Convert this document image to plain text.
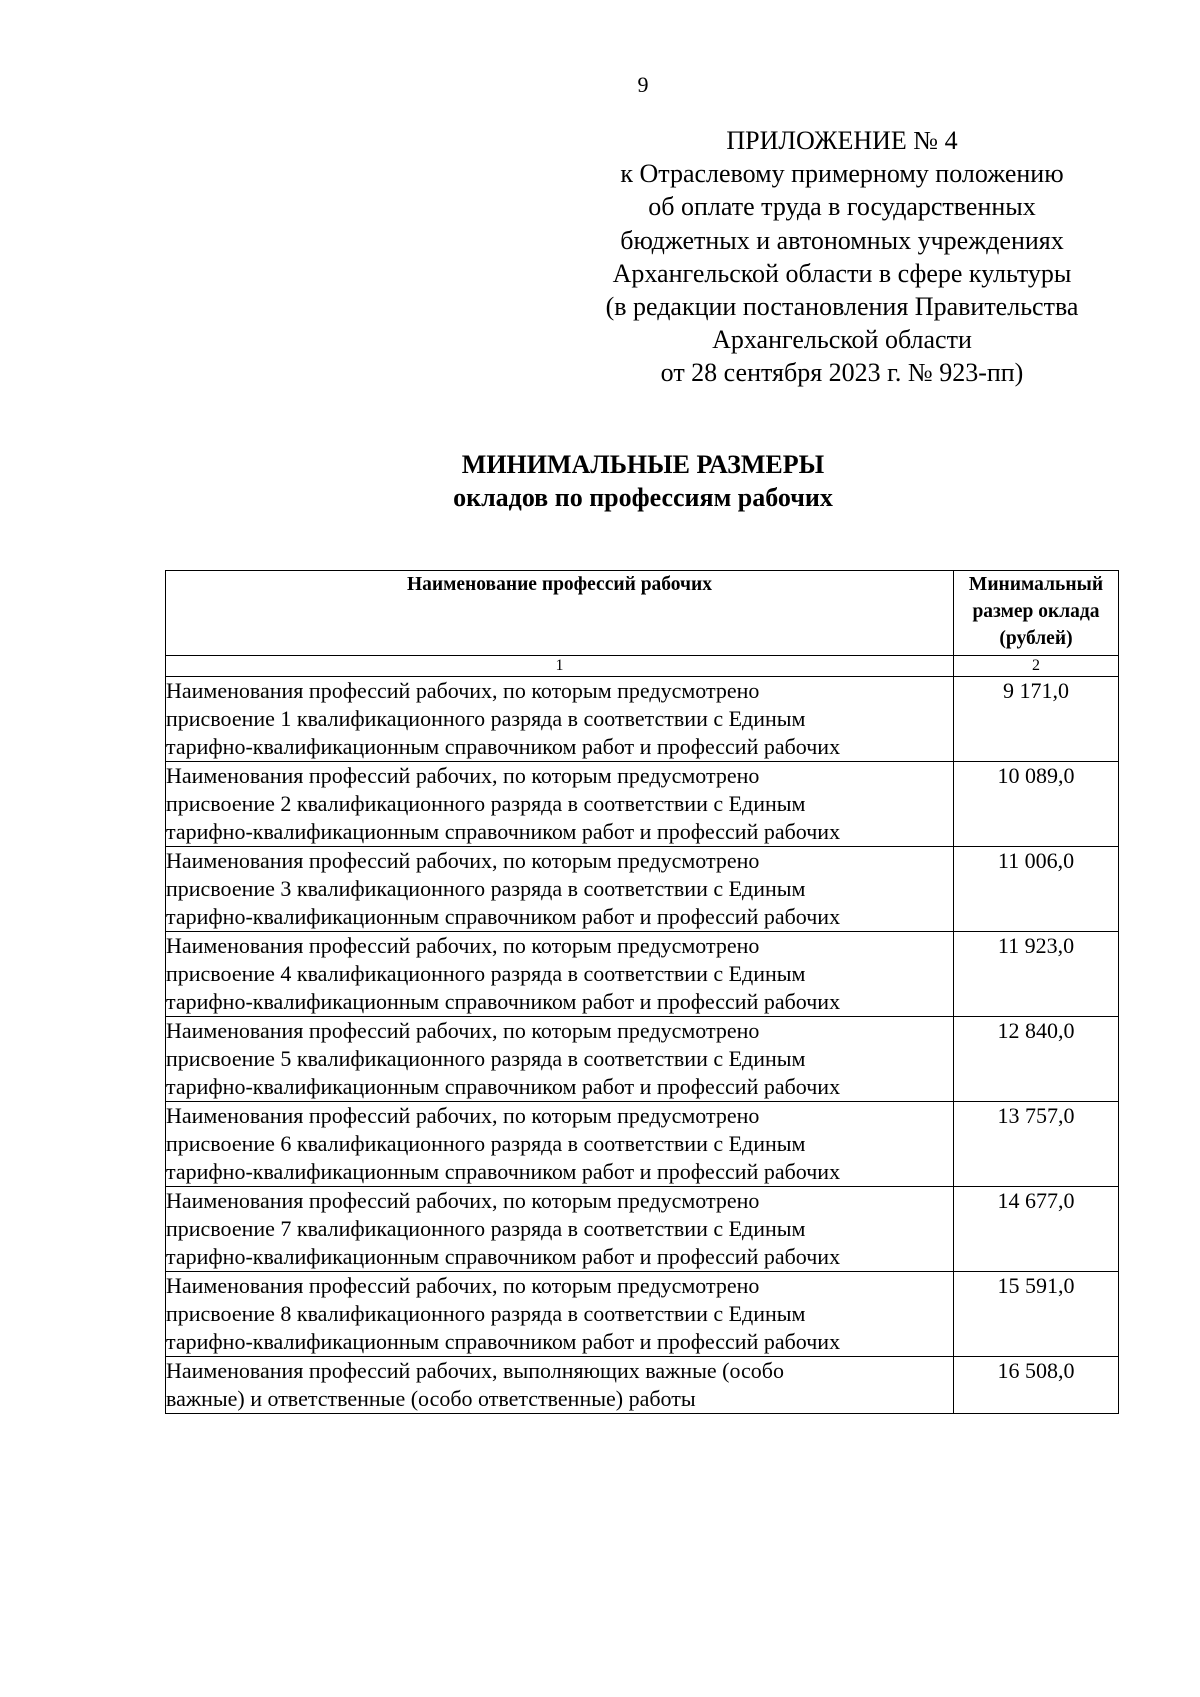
9
ПРИЛОЖЕНИЕ № 4
к Отраслевому примерному положению
об оплате труда в государственных
бюджетных и автономных учреждениях
Архангельской области в сфере культуры
(в редакции постановления Правительства
Архангельской области
от 28 сентября 2023 г. № 923-пп)
МИНИМАЛЬНЫЕ РАЗМЕРЫ
окладов по профессиям рабочих
Наименование профессий рабочих	Минимальный
размер оклада
(рублей)

1	2

Наименования профессий рабочих, по которым предусмотрено
присвоение 1 квалификационного разряда в соответствии с Единым
тарифно-квалификационным справочником работ и профессий рабочих	9 171,0

Наименования профессий рабочих, по которым предусмотрено
присвоение 2 квалификационного разряда в соответствии с Единым
тарифно-квалификационным справочником работ и профессий рабочих	10 089,0

Наименования профессий рабочих, по которым предусмотрено
присвоение 3 квалификационного разряда в соответствии с Единым
тарифно-квалификационным справочником работ и профессий рабочих	11 006,0

Наименования профессий рабочих, по которым предусмотрено
присвоение 4 квалификационного разряда в соответствии с Единым
тарифно-квалификационным справочником работ и профессий рабочих	11 923,0

Наименования профессий рабочих, по которым предусмотрено
присвоение 5 квалификационного разряда в соответствии с Единым
тарифно-квалификационным справочником работ и профессий рабочих	12 840,0

Наименования профессий рабочих, по которым предусмотрено
присвоение 6 квалификационного разряда в соответствии с Единым
тарифно-квалификационным справочником работ и профессий рабочих	13 757,0

Наименования профессий рабочих, по которым предусмотрено
присвоение 7 квалификационного разряда в соответствии с Единым
тарифно-квалификационным справочником работ и профессий рабочих	14 677,0

Наименования профессий рабочих, по которым предусмотрено
присвоение 8 квалификационного разряда в соответствии с Единым
тарифно-квалификационным справочником работ и профессий рабочих	15 591,0

Наименования профессий рабочих, выполняющих важные (особо
важные) и ответственные (особо ответственные) работы	16 508,0
